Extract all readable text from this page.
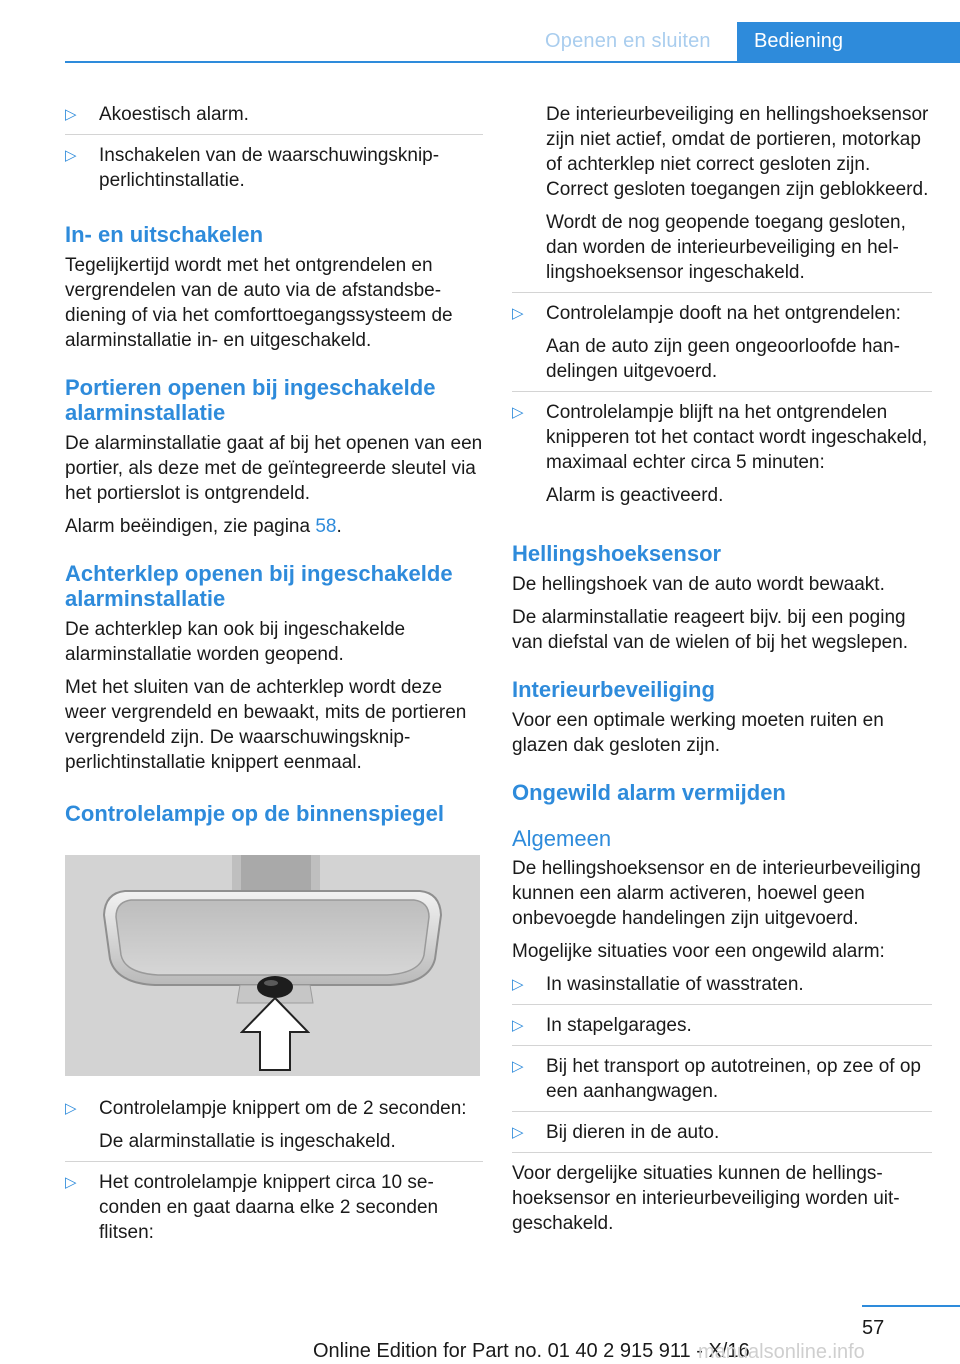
Openen en sluiten	Bediening
▷ Akoestisch alarm.
▷ Inschakelen van de waarschuwingsknipperlichtinstallatie.
In- en uitschakelen

Tegelijkertijd wordt met het ontgrendelen en vergrendelen van de auto via de afstandsbediening of via het comforttoegangssysteem de alarminstallatie in- en uitgeschakeld.

Portieren openen bij ingeschakelde alarminstallatie

De alarminstallatie gaat af bij het openen van een portier, als deze met de geïntegreerde sleutel via het portierslot is ontgrendeld.

Alarm beëindigen, zie pagina 58.

Achterklep openen bij ingeschakelde alarminstallatie

De achterklep kan ook bij ingeschakelde alarminstallatie worden geopend.

Met het sluiten van de achterklep wordt deze weer vergrendeld en bewaakt, mits de portieren vergrendeld zijn. De waarschuwingsknipperlichtinstallatie knippert eenmaal.

Controlelampje op de binnenspiegel
▷ Controlelampje knippert om de 2 seconden:
De alarminstallatie is ingeschakeld.
▷ Het controlelampje knippert circa 10 seconden en gaat daarna elke 2 seconden flitsen:

De interieurbeveiliging en hellingshoeksensor zijn niet actief, omdat de portieren, motorkap of achterklep niet correct gesloten zijn. Correct gesloten toegangen zijn geblokkeerd.

Wordt de nog geopende toegang gesloten, dan worden de interieurbeveiliging en hellingshoeksensor ingeschakeld.

▷ Controlelampje dooft na het ontgrendelen:
Aan de auto zijn geen ongeoorloofde handelingen uitgevoerd.
▷ Controlelampje blijft na het ontgrendelen knipperen tot het contact wordt ingeschakeld, maximaal echter circa 5 minuten:
Alarm is geactiveerd.
Hellingshoeksensor

De hellingshoek van de auto wordt bewaakt.

De alarminstallatie reageert bijv. bij een poging van diefstal van de wielen of bij het wegslepen.

Interieurbeveiliging

Voor een optimale werking moeten ruiten en glazen dak gesloten zijn.

Ongewild alarm vermijden
Algemeen

De hellingshoeksensor en de interieurbeveiliging kunnen een alarm activeren, hoewel geen onbevoegde handelingen zijn uitgevoerd.

Mogelijke situaties voor een ongewild alarm:

▷ In wasinstallatie of wasstraten.
▷ In stapelgarages.
▷ Bij het transport op autotreinen, op zee of op een aanhangwagen.
▷ Bij dieren in de auto.

Voor dergelijke situaties kunnen de hellingshoeksensor en interieurbeveiliging worden uitgeschakeld.

57
Online Edition for Part no. 01 40 2 915 911 - X/16
manualsonline.info
